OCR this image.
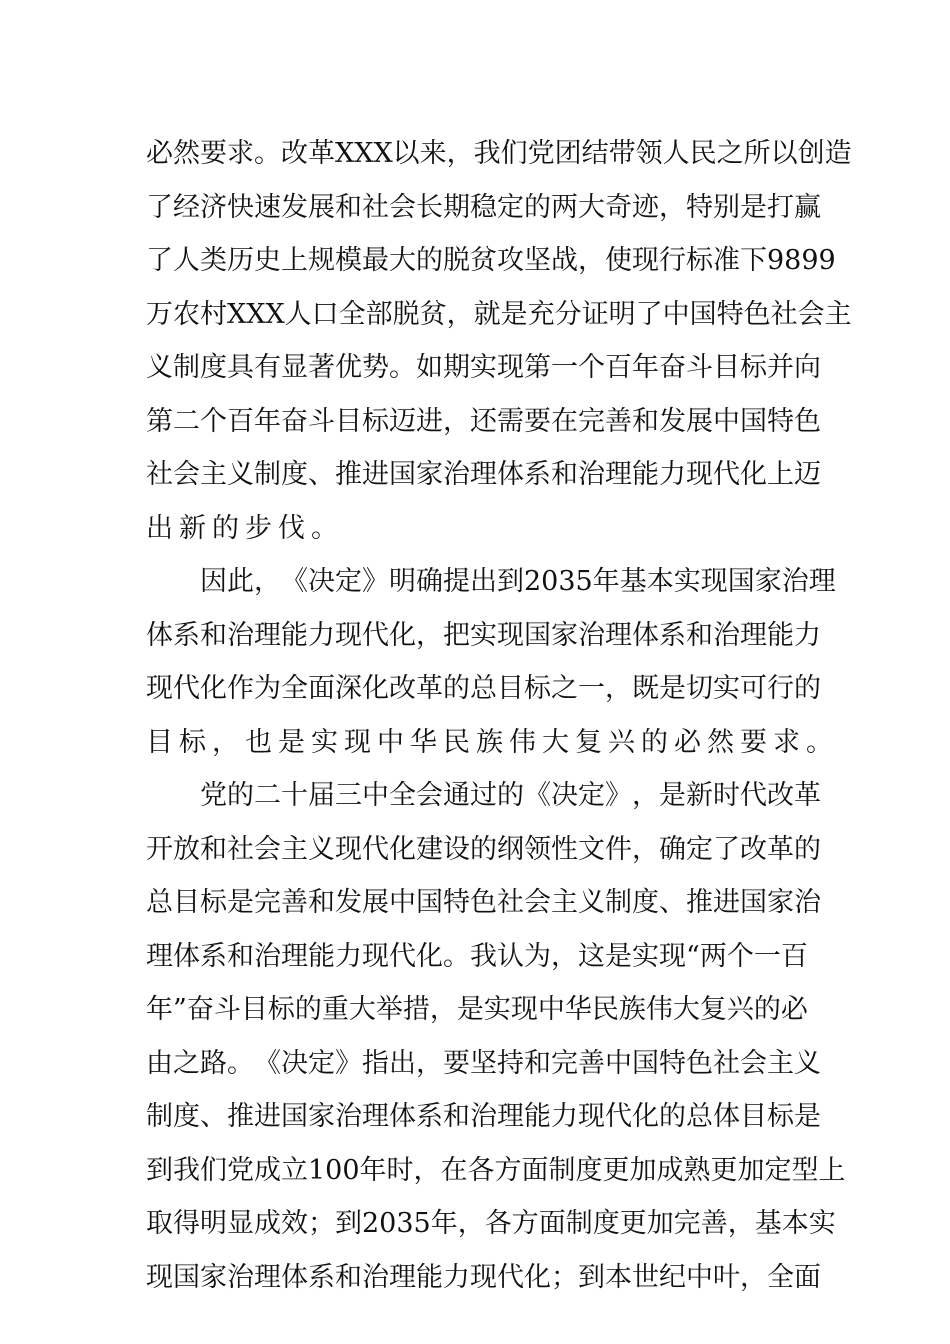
必 然 要 求 。 改 革 XXX 以 来 ， 我 们 党 团 结 带 领 人 民 之 所 以 创 造
了 经 济 快 速 发 展 和 社 会 长 期 稳 定 的 两 大 奇 迹 ， 特 别 是 打 赢
了 人 类 历 史 上 规 模 最 大 的 脱 贫 攻 坚 战 ， 使 现 行 标 准 下 9899
万 农 村 XXX 人 口 全 部 脱 贫 ， 就 是 充 分 证 明 了 中 国 特 色 社 会 主
义 制 度 具 有 显 著 优 势 。 如 期 实 现 第 一 个 百 年 奋 斗 目 标 并 向
第 二 个 百 年 奋 斗 目 标 迈 进 ， 还 需 要 在 完 善 和 发 展 中 国 特 色
社 会 主 义 制 度 、 推 进 国 家 治 理 体 系 和 治 理 能 力 现 代 化 上 迈
出 新 的 步 伐 。
因 此 ， 《 决 定 》 明 确 提 出 到 2035 年 基 本 实 现 国 家 治 理
体 系 和 治 理 能 力 现 代 化 ， 把 实 现 国 家 治 理 体 系 和 治 理 能 力
现 代 化 作 为 全 面 深 化 改 革 的 总 目 标 之 一 ， 既 是 切 实 可 行 的
目 标 ， 也 是 实 现 中 华 民 族 伟 大 复 兴 的 必 然 要 求 。
党 的 二 十 届 三 中 全 会 通 过 的 《 决 定 》 ， 是 新 时 代 改 革
开 放 和 社 会 主 义 现 代 化 建 设 的 纲 领 性 文 件 ， 确 定 了 改 革 的
总 目 标 是 完 善 和 发 展 中 国 特 色 社 会 主 义 制 度 、 推 进 国 家 治
理 体 系 和 治 理 能 力 现 代 化 。 我 认 为 ， 这 是 实 现 “ 两 个 一 百
年 ” 奋 斗 目 标 的 重 大 举 措 ， 是 实 现 中 华 民 族 伟 大 复 兴 的 必
由 之 路 。 《 决 定 》 指 出 ， 要 坚 持 和 完 善 中 国 特 色 社 会 主 义
制 度 、 推 进 国 家 治 理 体 系 和 治 理 能 力 现 代 化 的 总 体 目 标 是
到 我 们 党 成 立 100 年 时 ， 在 各 方 面 制 度 更 加 成 熟 更 加 定 型 上
取 得 明 显 成 效 ； 到 2035 年 ， 各 方 面 制 度 更 加 完 善 ， 基 本 实
现 国 家 治 理 体 系 和 治 理 能 力 现 代 化 ； 到 本 世 纪 中 叶 ， 全 面
